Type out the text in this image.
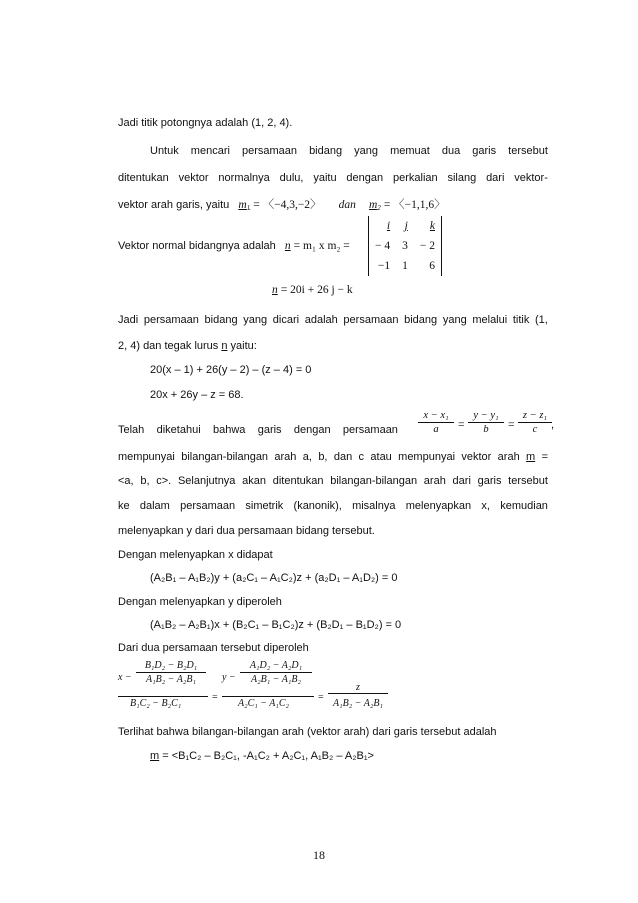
Jadi titik potongnya adalah (1, 2, 4).
Untuk mencari persamaan bidang yang memuat dua garis tersebut
ditentukan vektor normalnya dulu, yaitu dengan perkalian silang dari vektor-
vektor arah garis, yaitu $m_1$ = 〈−4,3,−2〉 dan $m_2$ = 〈−1,1,6〉
Vektor normal bidangnya adalah n = m₁ x m₂ =
i	j	k
− 4	3	− 2
−1	1	6
n = 20i + 26 j − k
Jadi persamaan bidang yang dicari adalah persamaan bidang yang melalui titik (1,
2, 4) dan tegak lurus n yaitu:
20(x – 1) + 26(y – 2) – (z – 4) = 0
20x + 26y – z = 68.
Telah diketahui bahwa garis dengan persamaan $\frac{\text{x − x₁}}{a} = \frac{\text{y − y₁}}{b} = \frac{\text{z − z₁}}{c}$ ,
mempunyai bilangan-bilangan arah a, b, dan c atau mempunyai vektor arah m =
<a, b, c>. Selanjutnya akan ditentukan bilangan-bilangan arah dari garis tersebut
ke dalam persamaan simetrik (kanonik), misalnya melenyapkan x, kemudian
melenyapkan y dari dua persamaan bidang tersebut.
Dengan melenyapkan x didapat
(A₂B₁ – A₁B₂)y + (a₂C₁ – A₁C₂)z + (a₂D₁ – A₁D₂) = 0
Dengan melenyapkan y diperoleh
(A₁B₂ – A₂B₁)x + (B₂C₁ – B₁C₂)z + (B₂D₁ – B₁D₂) = 0
Dari dua persamaan tersebut diperoleh
$x - \frac{\text{B₁D₂ − B₂D₁}}{\text{A₁B₂ − A₂B₁}}$
B₁C₂ − B₂C₁
=
$y - \frac{\text{A₁D₂ − A₂D₁}}{\text{A₂B₁ − A₁B₂}}$
A₂C₁ − A₁C₂
=
z
A₁B₂ − A₂B₁
Terlihat bahwa bilangan-bilangan arah (vektor arah) dari garis tersebut adalah
m = <B₁C₂ – B₂C₁, -A₁C₂ + A₂C₁, A₁B₂ – A₂B₁>
18
